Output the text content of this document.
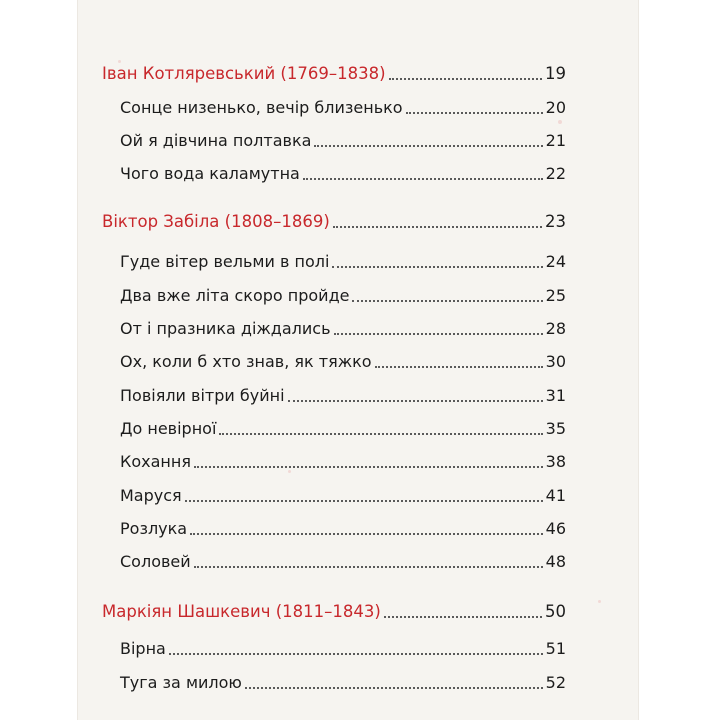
Іван Котляревський (1769–1838)	19
Сонце низенько, вечір близенько	20
Ой я дівчина полтавка	21
Чого вода каламутна	22
Віктор Забіла (1808–1869)	23
Гуде вітер вельми в полі	24
Два вже літа скоро пройде	25
От і празника діждались	28
Ох, коли б хто знав, як тяжко	30
Повіяли вітри буйні	31
До невірної	35
Кохання	38
Маруся	41
Розлука	46
Соловей	48
Маркіян Шашкевич (1811–1843)	50
Вірна	51
Туга за милою	52
